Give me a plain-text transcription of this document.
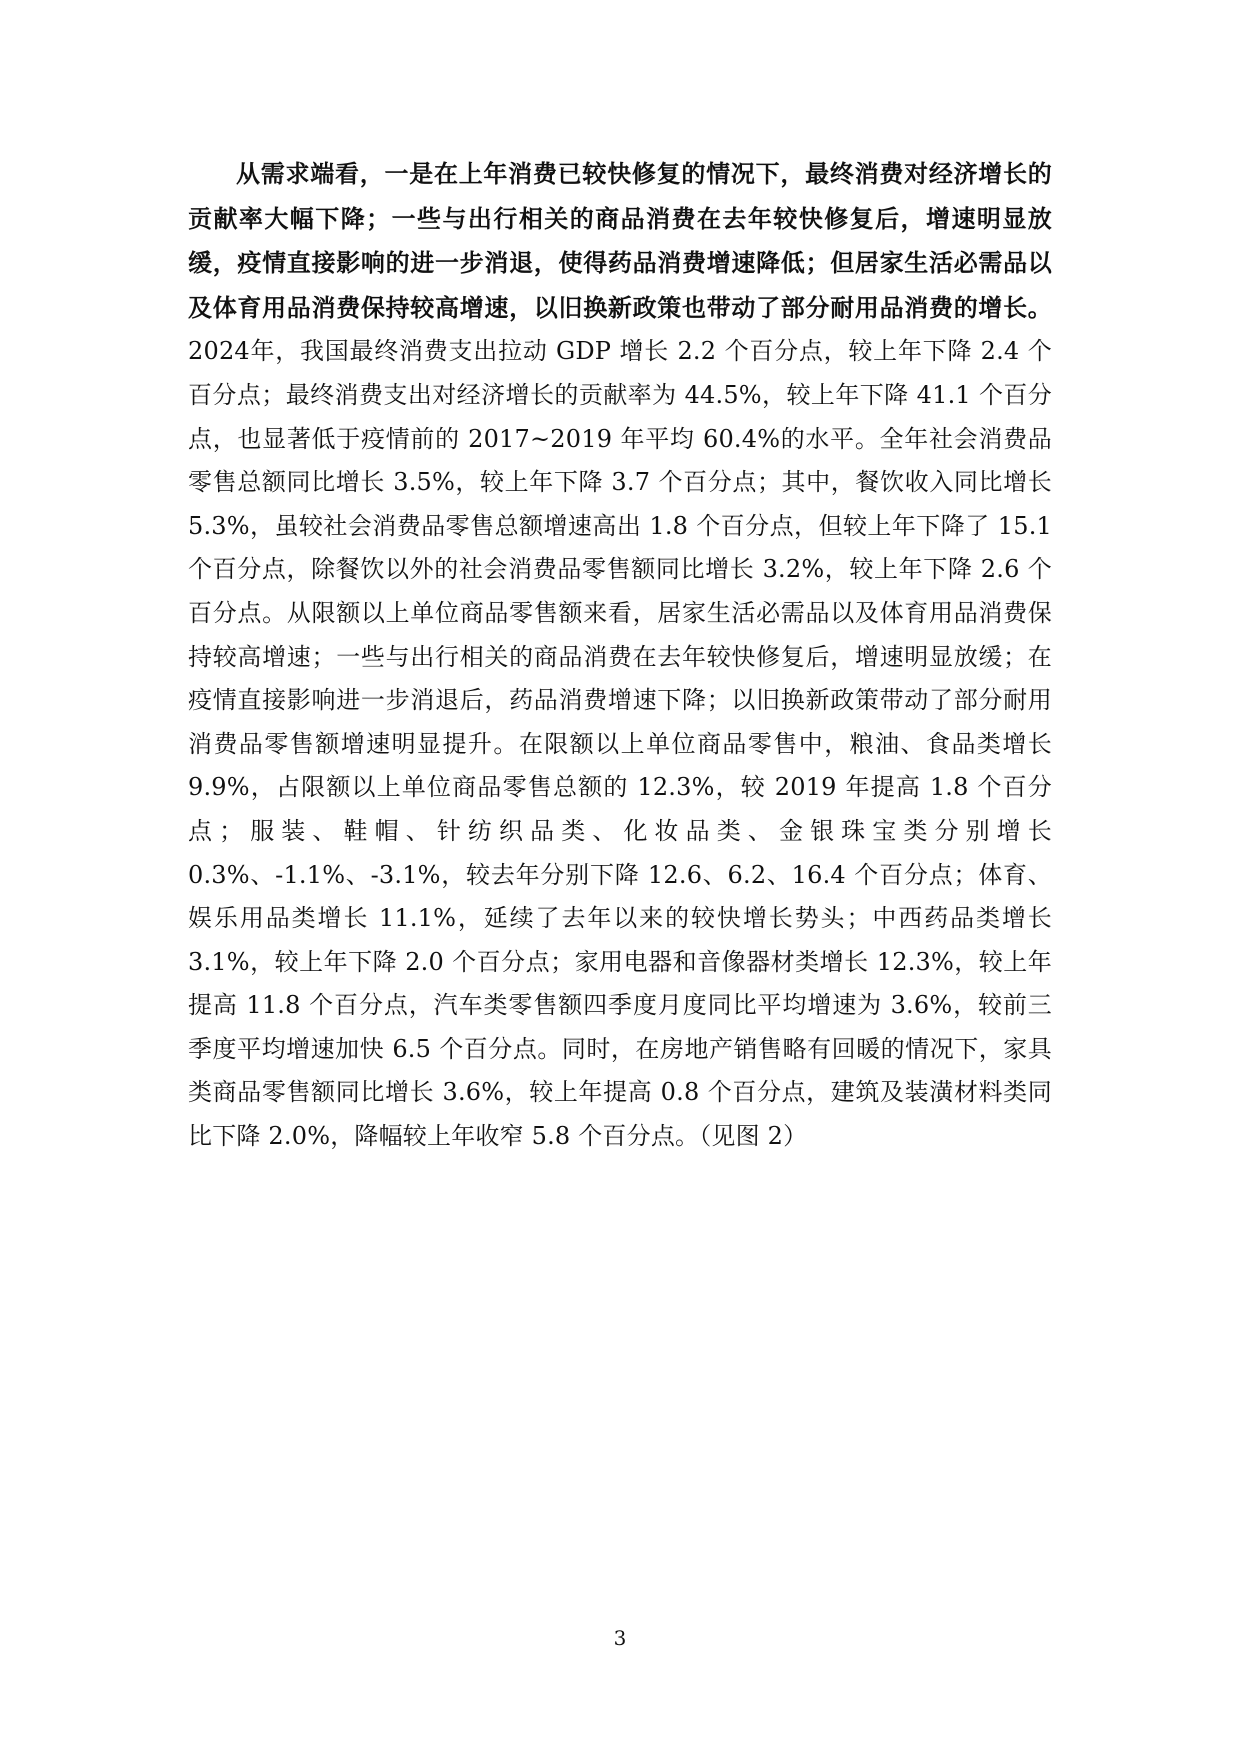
从需求端看，一是在上年消费已较快修复的情况下，最终消费对经济增长的贡献率大幅下降；一些与出行相关的商品消费在去年较快修复后，增速明显放缓，疫情直接影响的进一步消退，使得药品消费增速降低；但居家生活必需品以及体育用品消费保持较高增速，以旧换新政策也带动了部分耐用品消费的增长。2024年，我国最终消费支出拉动 GDP 增长 2.2 个百分点，较上年下降 2.4 个百分点；最终消费支出对经济增长的贡献率为 44.5%，较上年下降 41.1 个百分点，也显著低于疫情前的 2017~2019 年平均 60.4%的水平。全年社会消费品零售总额同比增长 3.5%，较上年下降 3.7 个百分点；其中，餐饮收入同比增长 5.3%，虽较社会消费品零售总额增速高出 1.8 个百分点，但较上年下降了 15.1 个百分点，除餐饮以外的社会消费品零售额同比增长 3.2%，较上年下降 2.6 个百分点。从限额以上单位商品零售额来看，居家生活必需品以及体育用品消费保持较高增速；一些与出行相关的商品消费在去年较快修复后，增速明显放缓；在疫情直接影响进一步消退后，药品消费增速下降；以旧换新政策带动了部分耐用消费品零售额增速明显提升。在限额以上单位商品零售中，粮油、食品类增长 9.9%，占限额以上单位商品零售总额的 12.3%，较 2019 年提高 1.8 个百分点；服装、鞋帽、针纺织品类、化妆品类、金银珠宝类分别增长 0.3%、-1.1%、-3.1%，较去年分别下降 12.6、6.2、16.4 个百分点；体育、娱乐用品类增长 11.1%，延续了去年以来的较快增长势头；中西药品类增长 3.1%，较上年下降 2.0 个百分点；家用电器和音像器材类增长 12.3%，较上年提高 11.8 个百分点，汽车类零售额四季度月度同比平均增速为 3.6%，较前三季度平均增速加快 6.5 个百分点。同时，在房地产销售略有回暖的情况下，家具类商品零售额同比增长 3.6%，较上年提高 0.8 个百分点，建筑及装潢材料类同比下降 2.0%，降幅较上年收窄 5.8 个百分点。（见图 2）

3
